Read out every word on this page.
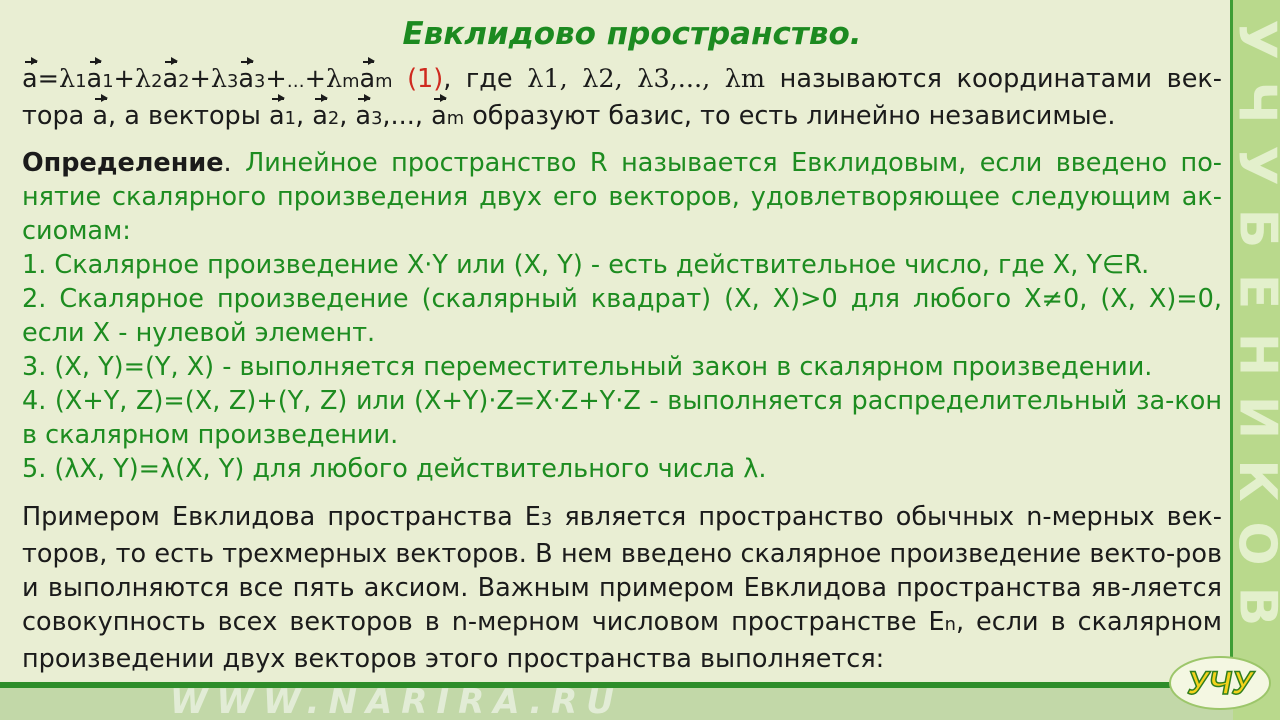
WWW.NARIRA.RU
У
Ч
У
Б
Е
Н
И
К
О
В
УЧУ
Евклидово пространство.

a=λ1a1+λ2a2+λ3a3+…+λmam (1), где λ1, λ2, λ3,..., λm называются координатами век-тора a, а векторы a1, a2, a3,..., am образуют базис, то есть линейно независимые.

Определение. Линейное пространство R называется Евклидовым, если введено по-нятие скалярного произведения двух его векторов, удовлетворяющее следующим ак-сиомам:

1. Скалярное произведение X·Y или (X, Y) - есть действительное число, где X, Y∈R.

2. Скалярное произведение (скалярный квадрат) (X, X)>0 для любого X≠0, (X, X)=0, если X - нулевой элемент.

3. (X, Y)=(Y, X) - выполняется переместительный закон в скалярном произведении.

4. (X+Y, Z)=(X, Z)+(Y, Z) или (X+Y)·Z=X·Z+Y·Z - выполняется распределительный за-кон в скалярном произведении.

5. (λX, Y)=λ(X, Y) для любого действительного числа λ.

Примером Евклидова пространства E3 является пространство обычных n-мерных век-торов, то есть трехмерных векторов. В нем введено скалярное произведение векто-ров и выполняются все пять аксиом. Важным примером Евклидова пространства яв-ляется совокупность всех векторов в n-мерном числовом пространстве En, если в скалярном произведении двух векторов этого пространства выполняется:
